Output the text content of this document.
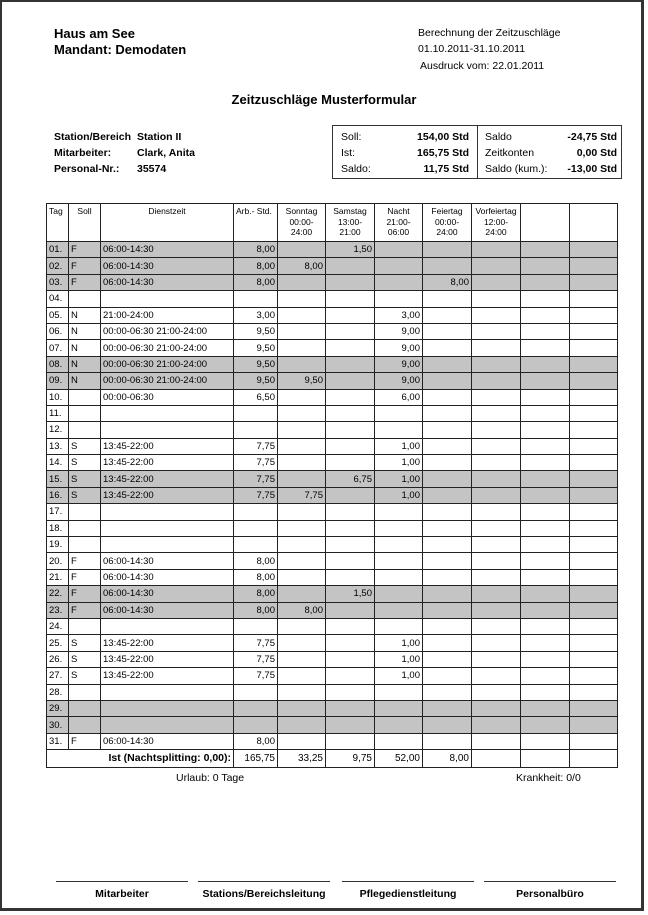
Haus am See
Mandant: Demodaten
Berechnung der Zeitzuschläge
01.10.2011-31.10.2011
Ausdruck vom: 22.01.2011
Zeitzuschläge Musterformular
Station/Bereich Station II
Mitarbeiter: Clark, Anita
Personal-Nr.: 35574
Soll:	154,00 Std
Ist:	165,75 Std
Saldo:	11,75 Std
Saldo	-24,75 Std
Zeitkonten	0,00 Std
Saldo (kum.): -13,00 Std
Tag	Soll	Dienstzeit	Arb.- Std.	Sonntag 00:00-24:00	Samstag 13:00-21:00	Nacht 21:00-06:00	Feiertag 00:00-24:00	Vorfeiertag 12:00-24:00		
01.	F	06:00-14:30	8,00		1,50					
02.	F	06:00-14:30	8,00	8,00						
03.	F	06:00-14:30	8,00				8,00			
04.										
05.	N	21:00-24:00	3,00			3,00				
06.	N	00:00-06:30 21:00-24:00	9,50			9,00				
07.	N	00:00-06:30 21:00-24:00	9,50			9,00				
08.	N	00:00-06:30 21:00-24:00	9,50			9,00				
09.	N	00:00-06:30 21:00-24:00	9,50	9,50		9,00				
10.		00:00-06:30	6,50			6,00				
11.										
12.										
13.	S	13:45-22:00	7,75			1,00				
14.	S	13:45-22:00	7,75			1,00				
15.	S	13:45-22:00	7,75		6,75	1,00				
16.	S	13:45-22:00	7,75	7,75		1,00				
17.										
18.										
19.										
20.	F	06:00-14:30	8,00							
21.	F	06:00-14:30	8,00							
22.	F	06:00-14:30	8,00		1,50					
23.	F	06:00-14:30	8,00	8,00						
24.										
25.	S	13:45-22:00	7,75			1,00				
26.	S	13:45-22:00	7,75			1,00				
27.	S	13:45-22:00	7,75			1,00				
28.										
29.										
30.										
31.	F	06:00-14:30	8,00							
Ist (Nachtsplitting: 0,00):			165,75	33,25	9,75	52,00	8,00			
Urlaub: 0 Tage	Krankheit: 0/0
Mitarbeiter	Stations/Bereichsleitung	Pflegedienstleitung	Personalbüro
